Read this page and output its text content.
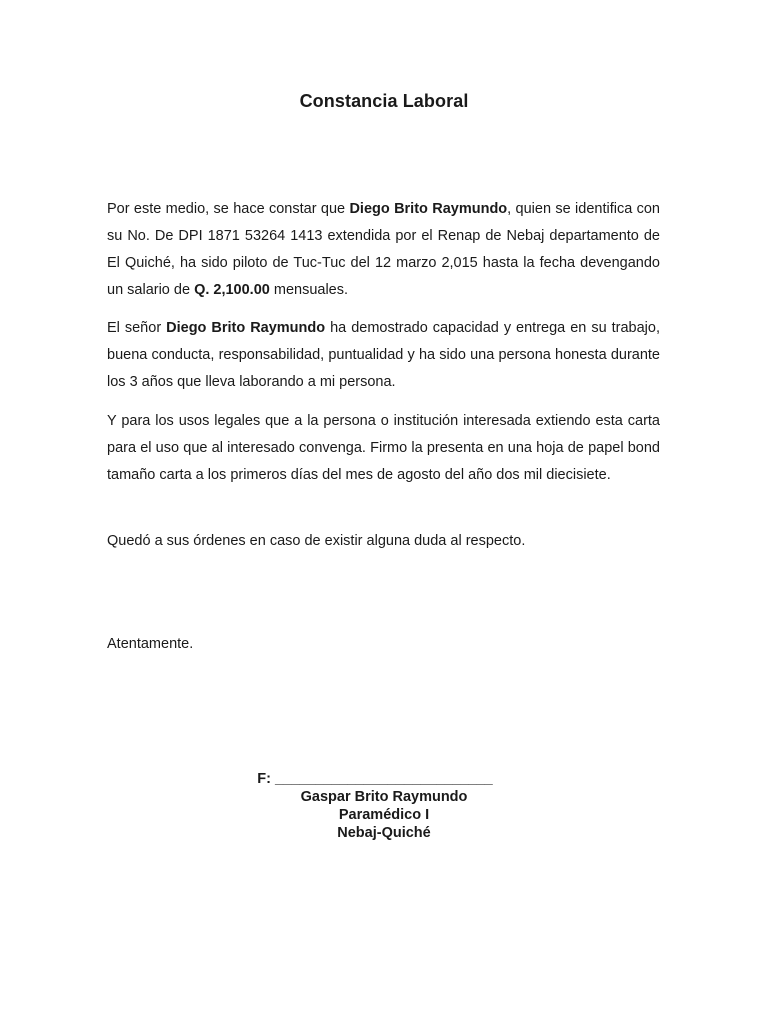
Constancia Laboral

Por este medio, se hace constar que Diego Brito Raymundo, quien se identifica con su No. De DPI 1871 53264 1413 extendida por el Renap de Nebaj departamento de El Quiché, ha sido piloto de Tuc-Tuc del 12 marzo 2,015 hasta la fecha devengando un salario de Q. 2,100.00 mensuales.

El señor Diego Brito Raymundo ha demostrado capacidad y entrega en su trabajo, buena conducta, responsabilidad, puntualidad y ha sido una persona honesta durante los 3 años que lleva laborando a mi persona.

Y para los usos legales que a la persona o institución interesada extiendo esta carta para el uso que al interesado convenga. Firmo la presenta en una hoja de papel bond tamaño carta a los primeros días del mes de agosto del año dos mil diecisiete.

Quedó a sus órdenes en caso de existir alguna duda al respecto.

Atentamente.
F: ___________________________
Gaspar Brito Raymundo
Paramédico I
Nebaj-Quiché
